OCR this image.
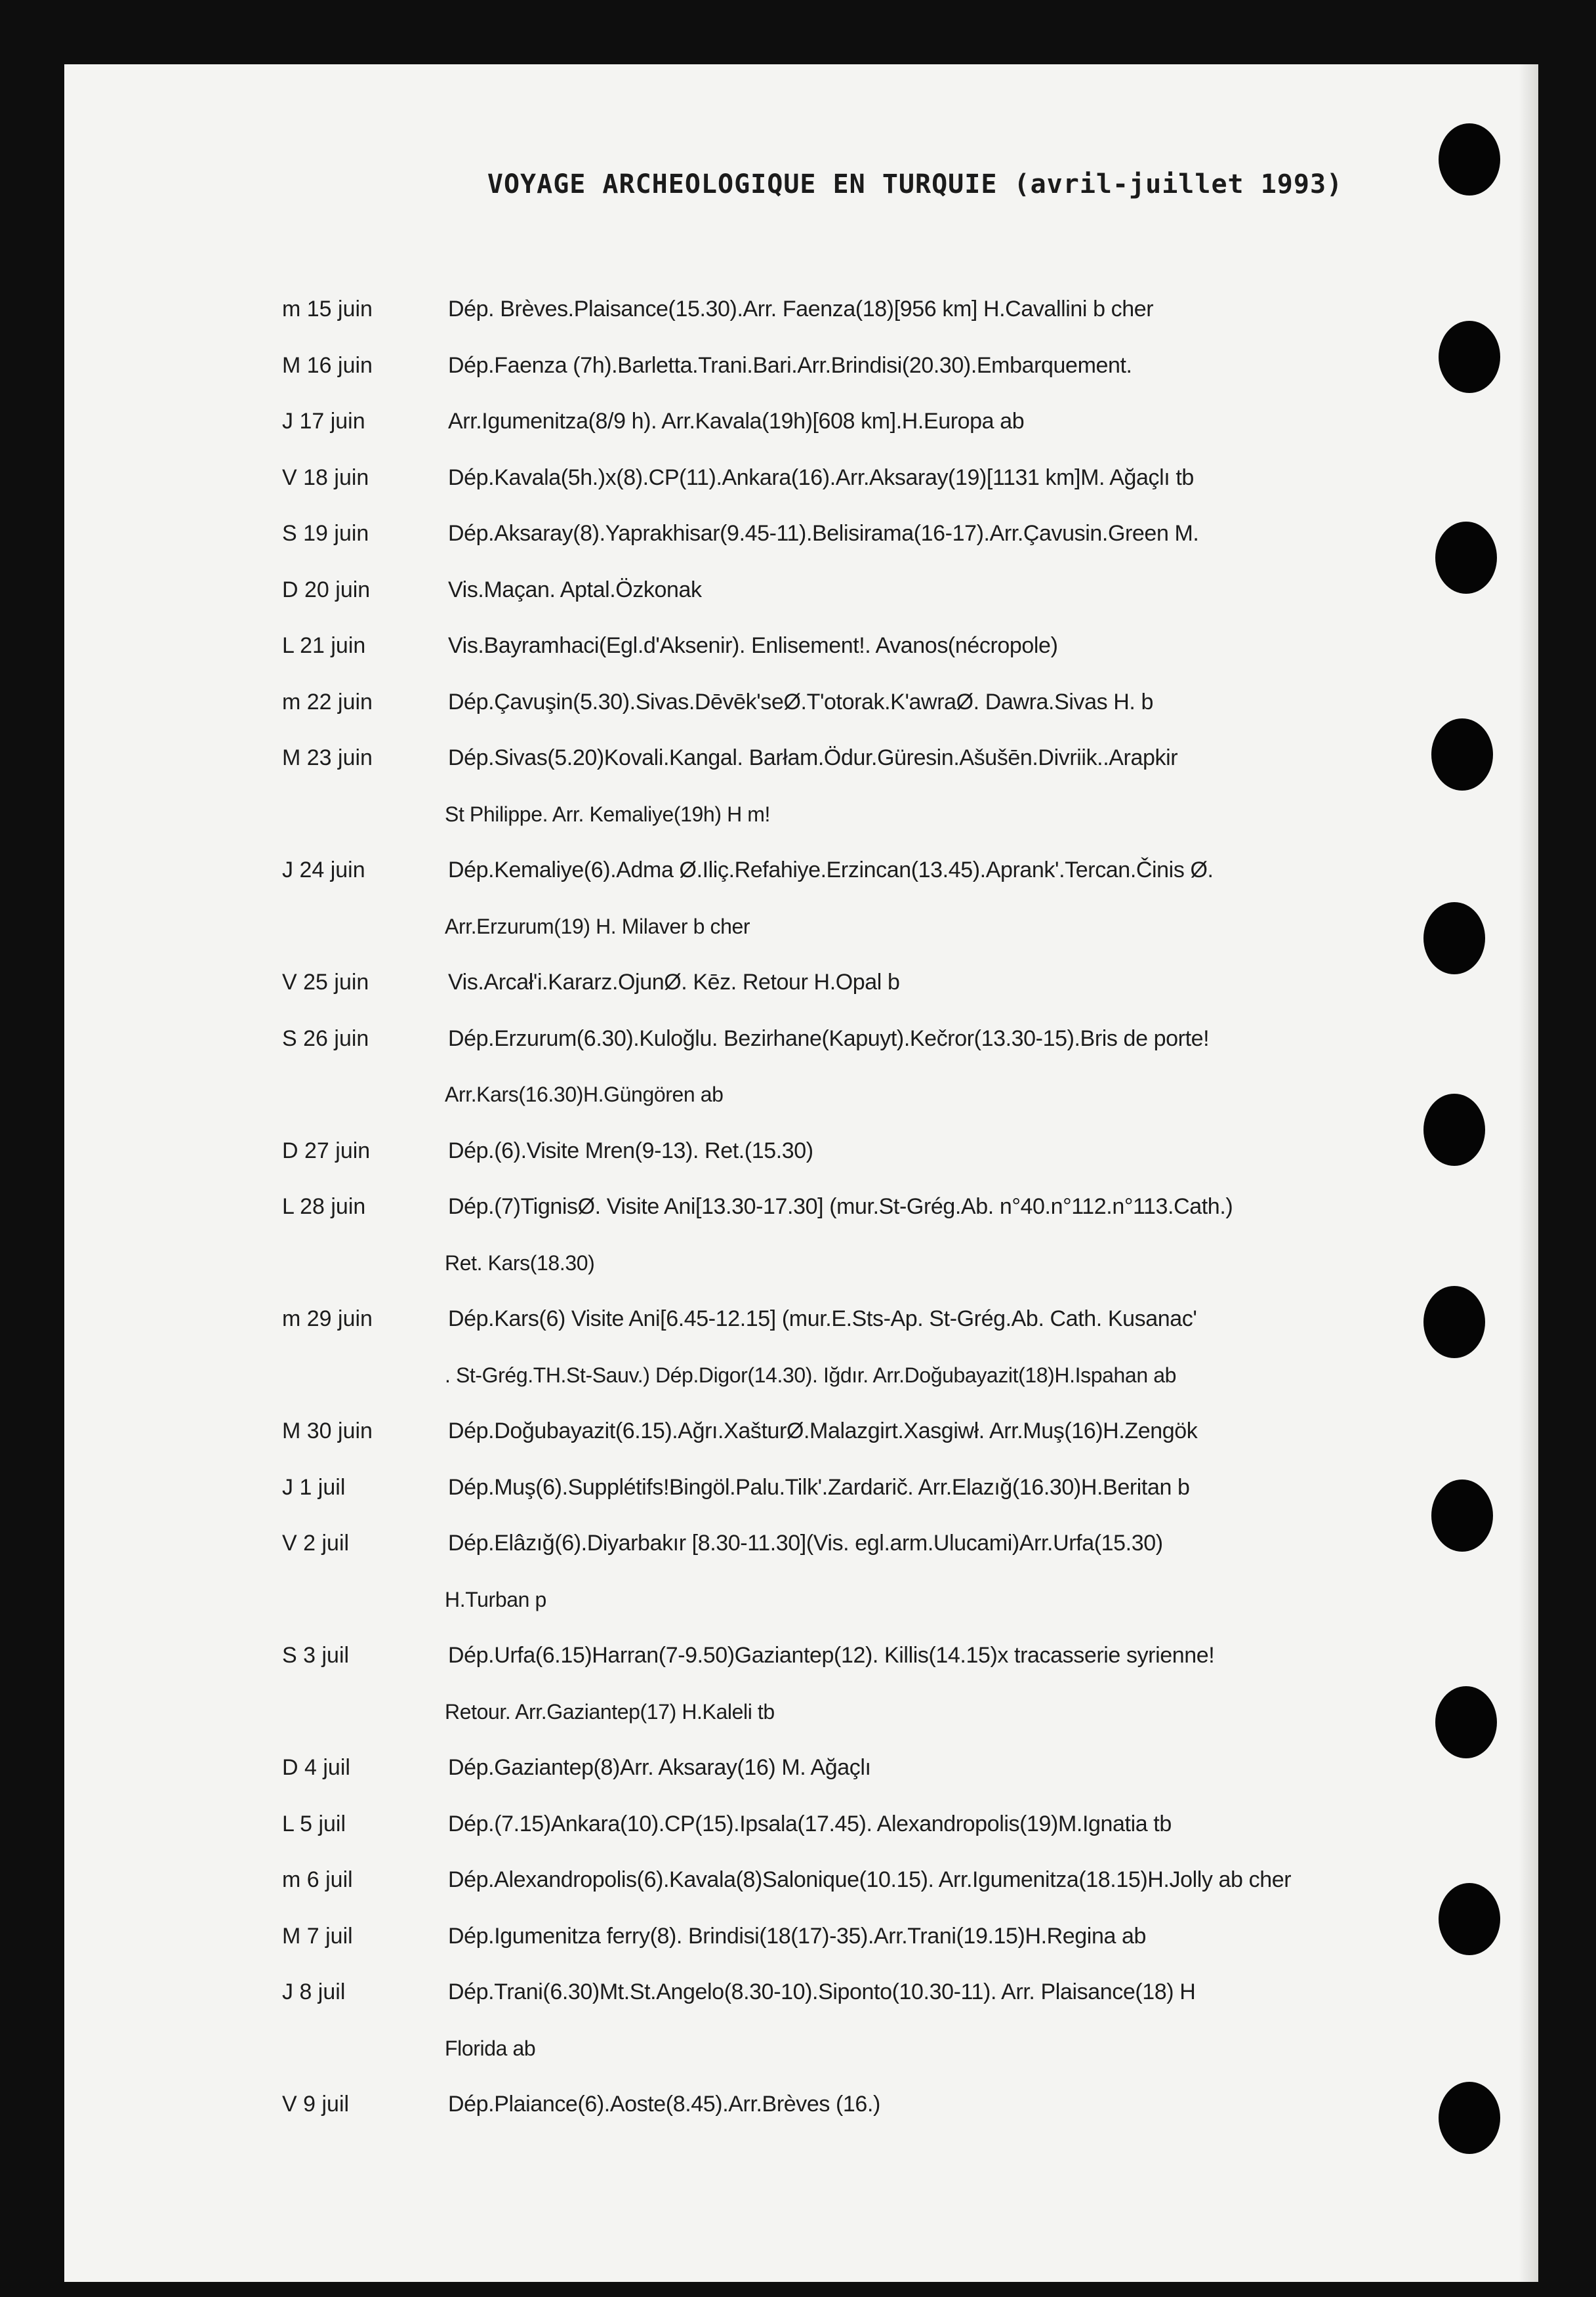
VOYAGE ARCHEOLOGIQUE EN TURQUIE (avril-juillet 1993)
m 15 juin	Dép. Brèves.Plaisance(15.30).Arr. Faenza(18)[956 km] H.Cavallini b cher
M 16 juin	Dép.Faenza (7h).Barletta.Trani.Bari.Arr.Brindisi(20.30).Embarquement.
J 17 juin	Arr.Igumenitza(8/9 h). Arr.Kavala(19h)[608 km].H.Europa ab
V 18 juin	Dép.Kavala(5h.)x(8).CP(11).Ankara(16).Arr.Aksaray(19)[1131 km]M. Ağaçlı tb
S 19 juin	Dép.Aksaray(8).Yaprakhisar(9.45-11).Belisirama(16-17).Arr.Çavusin.Green M.
D 20 juin	Vis.Maçan. Aptal.Özkonak
L 21 juin	Vis.Bayramhaci(Egl.d'Aksenir). Enlisement!. Avanos(nécropole)
m 22 juin	Dép.Çavuşin(5.30).Sivas.Dēvēk'seØ.T'otorak.K'awraØ. Dawra.Sivas H. b
M 23 juin	Dép.Sivas(5.20)Kovali.Kangal. Barłam.Ödur.Güresin.Ašušēn.Divriik..Arapkir
St Philippe. Arr. Kemaliye(19h) H m!
J 24 juin	Dép.Kemaliye(6).Adma Ø.Iliç.Refahiye.Erzincan(13.45).Aprank'.Tercan.Činis Ø.
Arr.Erzurum(19) H. Milaver b cher
V 25 juin	Vis.Arcał'i.Kararz.OjunØ. Kēz. Retour H.Opal b
S 26 juin	Dép.Erzurum(6.30).Kuloğlu. Bezirhane(Kapuyt).Kečror(13.30-15).Bris de porte!
Arr.Kars(16.30)H.Güngören ab
D 27 juin	Dép.(6).Visite Mren(9-13). Ret.(15.30)
L 28 juin	Dép.(7)TignisØ. Visite Ani[13.30-17.30] (mur.St-Grég.Ab. n°40.n°112.n°113.Cath.)
Ret. Kars(18.30)
m 29 juin	Dép.Kars(6) Visite Ani[6.45-12.15] (mur.E.Sts-Ap. St-Grég.Ab. Cath. Kusanac'
. St-Grég.TH.St-Sauv.) Dép.Digor(14.30). Iğdır. Arr.Doğubayazit(18)H.Ispahan ab
M 30 juin	Dép.Doğubayazit(6.15).Ağrı.XašturØ.Malazgirt.Xasgiwł. Arr.Muş(16)H.Zengök
J 1 juil	Dép.Muş(6).Supplétifs!Bingöl.Palu.Tilk'.Zardarič. Arr.Elazığ(16.30)H.Beritan b
V 2 juil	Dép.Elâzığ(6).Diyarbakır [8.30-11.30](Vis. egl.arm.Ulucami)Arr.Urfa(15.30)
H.Turban p
S 3 juil	Dép.Urfa(6.15)Harran(7-9.50)Gaziantep(12). Killis(14.15)x tracasserie syrienne!
Retour. Arr.Gaziantep(17) H.Kaleli tb
D 4 juil	Dép.Gaziantep(8)Arr. Aksaray(16) M. Ağaçlı
L 5 juil	Dép.(7.15)Ankara(10).CP(15).Ipsala(17.45). Alexandropolis(19)M.Ignatia tb
m 6 juil	Dép.Alexandropolis(6).Kavala(8)Salonique(10.15). Arr.Igumenitza(18.15)H.Jolly ab cher
M 7 juil	Dép.Igumenitza ferry(8). Brindisi(18(17)-35).Arr.Trani(19.15)H.Regina ab
J 8 juil	Dép.Trani(6.30)Mt.St.Angelo(8.30-10).Siponto(10.30-11). Arr. Plaisance(18) H
Florida ab
V 9 juil	Dép.Plaiance(6).Aoste(8.45).Arr.Brèves (16.)
